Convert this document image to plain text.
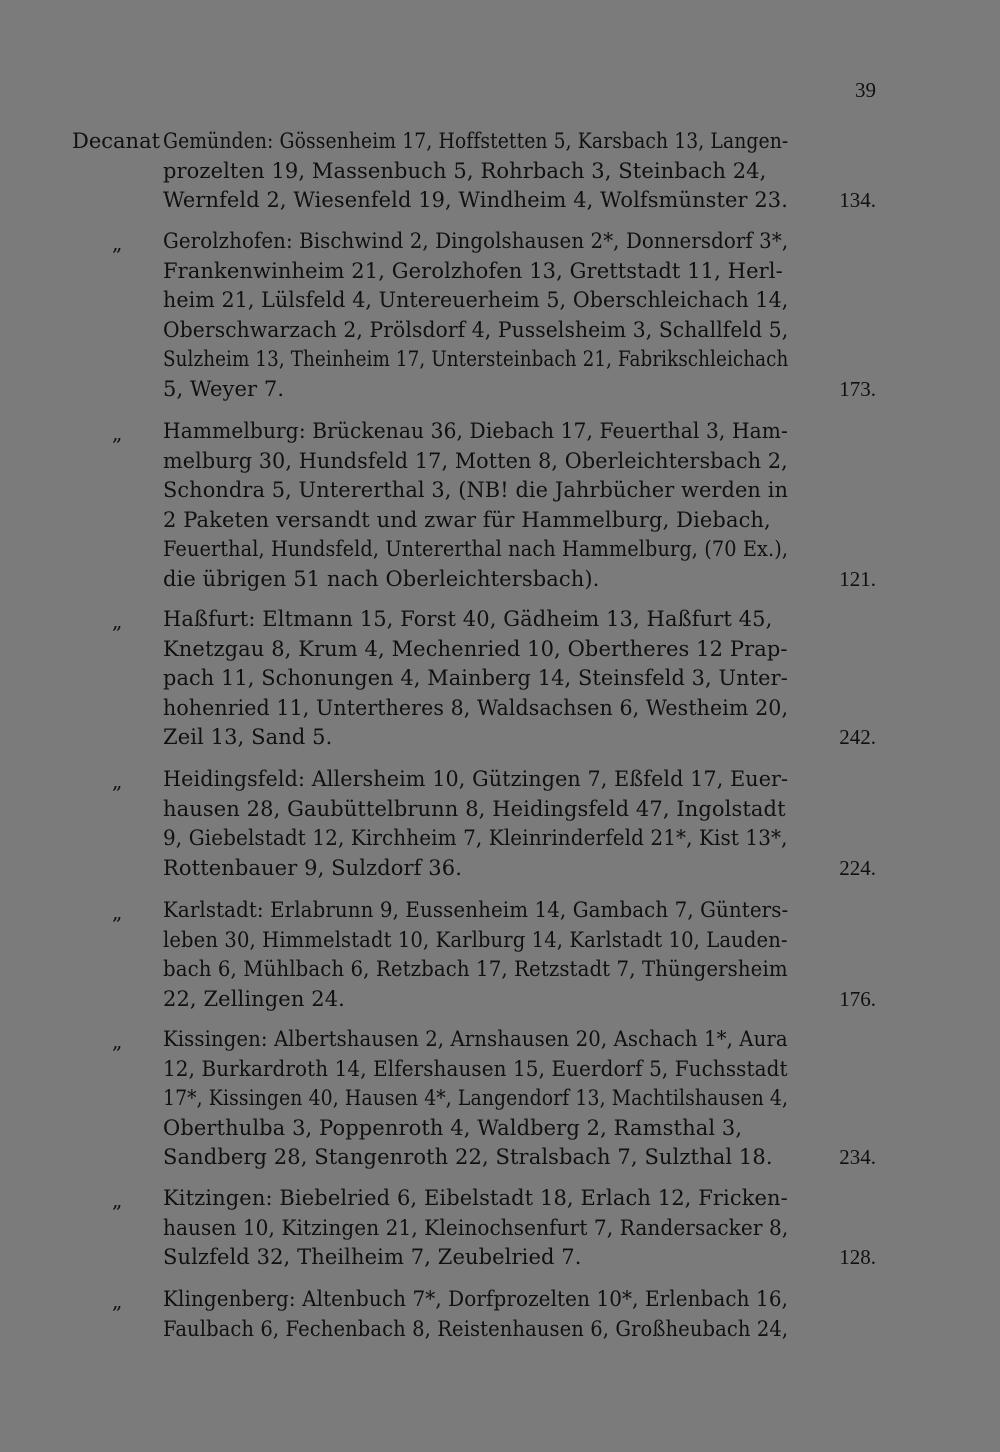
39
Decanat Gemünden: Gössenheim 17, Hoffstetten 5, Karsbach 13, Langen-
prozelten 19, Massenbuch 5, Rohrbach 3, Steinbach 24,
Wernfeld 2, Wiesenfeld 19, Windheim 4, Wolfsmünster 23.	134.
„ Gerolzhofen: Bischwind 2, Dingolshausen 2*, Donnersdorf 3*,
Frankenwinheim 21, Gerolzhofen 13, Grettstadt 11, Herl-
heim 21, Lülsfeld 4, Untereuerheim 5, Oberschleichach 14,
Oberschwarzach 2, Prölsdorf 4, Pusselsheim 3, Schallfeld 5,
Sulzheim 13, Theinheim 17, Untersteinbach 21, Fabrikschleichach
5, Weyer 7.	173.
„ Hammelburg: Brückenau 36, Diebach 17, Feuerthal 3, Ham-
melburg 30, Hundsfeld 17, Motten 8, Oberleichtersbach 2,
Schondra 5, Untererthal 3, (NB! die Jahrbücher werden in
2 Paketen versandt und zwar für Hammelburg, Diebach,
Feuerthal, Hundsfeld, Untererthal nach Hammelburg, (70 Ex.),
die übrigen 51 nach Oberleichtersbach).	121.
„ Haßfurt: Eltmann 15, Forst 40, Gädheim 13, Haßfurt 45,
Knetzgau 8, Krum 4, Mechenried 10, Obertheres 12 Prap-
pach 11, Schonungen 4, Mainberg 14, Steinsfeld 3, Unter-
hohenried 11, Untertheres 8, Waldsachsen 6, Westheim 20,
Zeil 13, Sand 5.	242.
„ Heidingsfeld: Allersheim 10, Gützingen 7, Eßfeld 17, Euer-
hausen 28, Gaubüttelbrunn 8, Heidingsfeld 47, Ingolstadt
9, Giebelstadt 12, Kirchheim 7, Kleinrinderfeld 21*, Kist 13*,
Rottenbauer 9, Sulzdorf 36.	224.
„ Karlstadt: Erlabrunn 9, Eussenheim 14, Gambach 7, Günters-
leben 30, Himmelstadt 10, Karlburg 14, Karlstadt 10, Lauden-
bach 6, Mühlbach 6, Retzbach 17, Retzstadt 7, Thüngersheim
22, Zellingen 24.	176.
„ Kissingen: Albertshausen 2, Arnshausen 20, Aschach 1*, Aura
12, Burkardroth 14, Elfershausen 15, Euerdorf 5, Fuchsstadt
17*, Kissingen 40, Hausen 4*, Langendorf 13, Machtilshausen 4,
Oberthulba 3, Poppenroth 4, Waldberg 2, Ramsthal 3,
Sandberg 28, Stangenroth 22, Stralsbach 7, Sulzthal 18.	234.
„ Kitzingen: Biebelried 6, Eibelstadt 18, Erlach 12, Fricken-
hausen 10, Kitzingen 21, Kleinochsenfurt 7, Randersacker 8,
Sulzfeld 32, Theilheim 7, Zeubelried 7.	128.
„ Klingenberg: Altenbuch 7*, Dorfprozelten 10*, Erlenbach 16,
Faulbach 6, Fechenbach 8, Reistenhausen 6, Großheubach 24,
